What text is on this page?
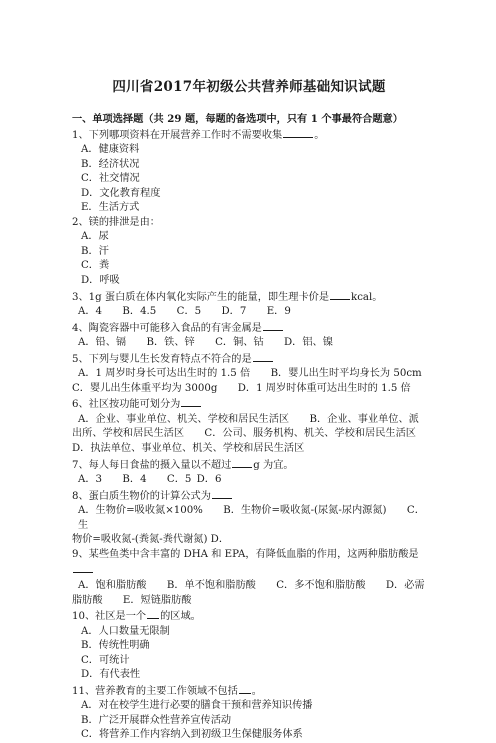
四川省2017年初级公共营养师基础知识试题

一、单项选择题（共 29 题，每题的备选项中，只有 1 个事最符合题意）

1、下列哪项资料在开展营养工作时不需要收集	。

A．健康资料

B．经济状况

C．社交情况

D．文化教育程度

E．生活方式

2、镁的排泄是由：

A．尿

B．汗

C．粪

D．呼吸

3、1g 蛋白质在体内氧化实际产生的能量，即生理卡价是 kcal。

A．4　　B．4.5　　C．5　　D．7　　E．9

4、陶瓷容器中可能移入食品的有害金属是

A．铅、镉　　B．铁、锌　　C．铜、钴　　D．铝、镍

5、下列与婴儿生长发育特点不符合的是

A．1 周岁时身长可达出生时的 1.5 倍　　B．婴儿出生时平均身长为 50cm

C．婴儿出生体重平均为 3000g　　D．1 周岁时体重可达出生时的 1.5 倍

6、社区按功能可划分为

A．企业、事业单位、机关、学校和居民生活区　　B．企业、事业单位、派

出所、学校和居民生活区　　C．公司、服务机构、机关、学校和居民生活区

D．执法单位、事业单位、机关、学校和居民生活区

7、每人每日食盐的摄入量以不超过 g 为宜。

A．3　　B．4　　C．5 D．6

8、蛋白质生物价的计算公式为

A．生物价=吸收氮×100%　　B．生物价=吸收氮-(尿氮-尿内源氮)　　C．生

物价=吸收氮-(粪氮-粪代谢氮) D．

9、某些鱼类中含丰富的 DHA 和 EPA，有降低血脂的作用，这两种脂肪酸是

A．饱和脂肪酸　　B．单不饱和脂肪酸　　C．多不饱和脂肪酸　　D．必需

脂肪酸　　E．短链脂肪酸

10、社区是一个 的区域。

A．人口数量无限制

B．传统性明确

C．可统计

D．有代表性

11、营养教育的主要工作领域不包括 。

A．对在校学生进行必要的膳食干预和营养知识传播

B．广泛开展群众性营养宣传活动

C．将营养工作内容纳入到初级卫生保健服务体系
